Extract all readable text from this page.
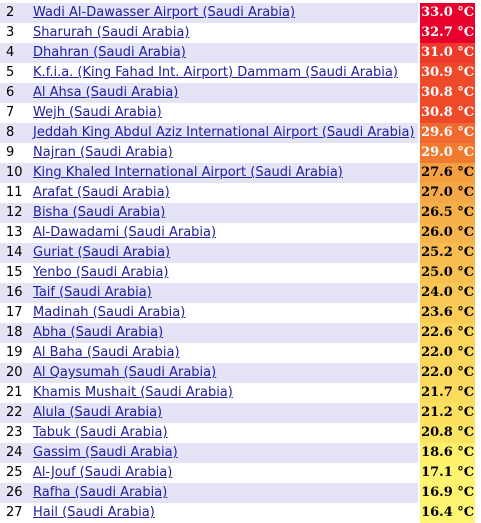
2	Wadi Al-Dawasser Airport (Saudi Arabia)	33.0 °C	
3	Sharurah (Saudi Arabia)	32.7 °C	
4	Dhahran (Saudi Arabia)	31.0 °C	
5	K.f.i.a. (King Fahad Int. Airport) Dammam (Saudi Arabia)	30.9 °C	
6	Al Ahsa (Saudi Arabia)	30.8 °C	
7	Wejh (Saudi Arabia)	30.8 °C	
8	Jeddah King Abdul Aziz International Airport (Saudi Arabia)	29.6 °C	
9	Najran (Saudi Arabia)	29.0 °C	
10	King Khaled International Airport (Saudi Arabia)	27.6 °C	
11	Arafat (Saudi Arabia)	27.0 °C	
12	Bisha (Saudi Arabia)	26.5 °C	
13	Al-Dawadami (Saudi Arabia)	26.0 °C	
14	Guriat (Saudi Arabia)	25.2 °C	
15	Yenbo (Saudi Arabia)	25.0 °C	
16	Taif (Saudi Arabia)	24.0 °C	
17	Madinah (Saudi Arabia)	23.6 °C	
18	Abha (Saudi Arabia)	22.6 °C	
19	Al Baha (Saudi Arabia)	22.0 °C	
20	Al Qaysumah (Saudi Arabia)	22.0 °C	
21	Khamis Mushait (Saudi Arabia)	21.7 °C	
22	Alula (Saudi Arabia)	21.2 °C	
23	Tabuk (Saudi Arabia)	20.8 °C	
24	Gassim (Saudi Arabia)	18.6 °C	
25	Al-Jouf (Saudi Arabia)	17.1 °C	
26	Rafha (Saudi Arabia)	16.9 °C	
27	Hail (Saudi Arabia)	16.4 °C	
